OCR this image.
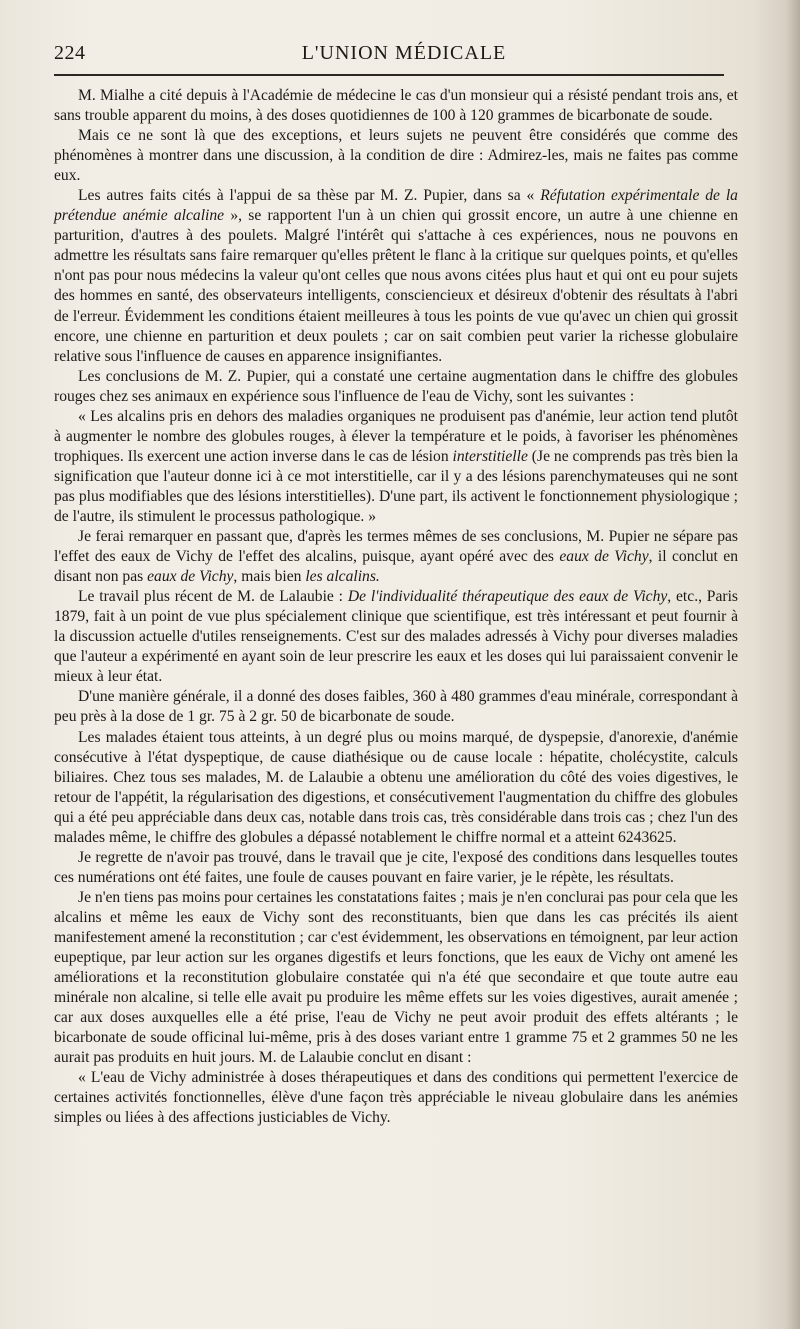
224	L'UNION MÉDICALE

M. Mialhe a cité depuis à l'Académie de médecine le cas d'un monsieur qui a résisté pendant trois ans, et sans trouble apparent du moins, à des doses quotidiennes de 100 à 120 grammes de bicarbonate de soude.

Mais ce ne sont là que des exceptions, et leurs sujets ne peuvent être considérés que comme des phénomènes à montrer dans une discussion, à la condition de dire : Admirez-les, mais ne faites pas comme eux.

Les autres faits cités à l'appui de sa thèse par M. Z. Pupier, dans sa « Réfutation expérimentale de la prétendue anémie alcaline », se rapportent l'un à un chien qui grossit encore, un autre à une chienne en parturition, d'autres à des poulets. Malgré l'intérêt qui s'attache à ces expériences, nous ne pouvons en admettre les résultats sans faire remarquer qu'elles prêtent le flanc à la critique sur quelques points, et qu'elles n'ont pas pour nous médecins la valeur qu'ont celles que nous avons citées plus haut et qui ont eu pour sujets des hommes en santé, des observateurs intelligents, consciencieux et désireux d'obtenir des résultats à l'abri de l'erreur. Évidemment les conditions étaient meilleures à tous les points de vue qu'avec un chien qui grossit encore, une chienne en parturition et deux poulets ; car on sait combien peut varier la richesse globulaire relative sous l'influence de causes en apparence insignifiantes.

Les conclusions de M. Z. Pupier, qui a constaté une certaine augmentation dans le chiffre des globules rouges chez ses animaux en expérience sous l'influence de l'eau de Vichy, sont les suivantes :

« Les alcalins pris en dehors des maladies organiques ne produisent pas d'anémie, leur action tend plutôt à augmenter le nombre des globules rouges, à élever la température et le poids, à favoriser les phénomènes trophiques. Ils exercent une action inverse dans le cas de lésion interstitielle (Je ne comprends pas très bien la signification que l'auteur donne ici à ce mot interstitielle, car il y a des lésions parenchymateuses qui ne sont pas plus modifiables que des lésions interstitielles). D'une part, ils activent le fonctionnement physiologique ; de l'autre, ils stimulent le processus pathologique. »

Je ferai remarquer en passant que, d'après les termes mêmes de ses conclusions, M. Pupier ne sépare pas l'effet des eaux de Vichy de l'effet des alcalins, puisque, ayant opéré avec des eaux de Vichy, il conclut en disant non pas eaux de Vichy, mais bien les alcalins.

Le travail plus récent de M. de Lalaubie : De l'individualité thérapeutique des eaux de Vichy, etc., Paris 1879, fait à un point de vue plus spécialement clinique que scientifique, est très intéressant et peut fournir à la discussion actuelle d'utiles renseignements. C'est sur des malades adressés à Vichy pour diverses maladies que l'auteur a expérimenté en ayant soin de leur prescrire les eaux et les doses qui lui paraissaient convenir le mieux à leur état.

D'une manière générale, il a donné des doses faibles, 360 à 480 grammes d'eau minérale, correspondant à peu près à la dose de 1 gr. 75 à 2 gr. 50 de bicarbonate de soude.

Les malades étaient tous atteints, à un degré plus ou moins marqué, de dyspepsie, d'anorexie, d'anémie consécutive à l'état dyspeptique, de cause diathésique ou de cause locale : hépatite, cholécystite, calculs biliaires. Chez tous ses malades, M. de Lalaubie a obtenu une amélioration du côté des voies digestives, le retour de l'appétit, la régularisation des digestions, et consécutivement l'augmentation du chiffre des globules qui a été peu appréciable dans deux cas, notable dans trois cas, très considérable dans trois cas ; chez l'un des malades même, le chiffre des globules a dépassé notablement le chiffre normal et a atteint 6243625.

Je regrette de n'avoir pas trouvé, dans le travail que je cite, l'exposé des conditions dans lesquelles toutes ces numérations ont été faites, une foule de causes pouvant en faire varier, je le répète, les résultats.

Je n'en tiens pas moins pour certaines les constatations faites ; mais je n'en conclurai pas pour cela que les alcalins et même les eaux de Vichy sont des reconstituants, bien que dans les cas précités ils aient manifestement amené la reconstitution ; car c'est évidemment, les observations en témoignent, par leur action eupeptique, par leur action sur les organes digestifs et leurs fonctions, que les eaux de Vichy ont amené les améliorations et la reconstitution globulaire constatée qui n'a été que secondaire et que toute autre eau minérale non alcaline, si telle elle avait pu produire les même effets sur les voies digestives, aurait amenée ; car aux doses auxquelles elle a été prise, l'eau de Vichy ne peut avoir produit des effets altérants ; le bicarbonate de soude officinal lui-même, pris à des doses variant entre 1 gramme 75 et 2 grammes 50 ne les aurait pas produits en huit jours. M. de Lalaubie conclut en disant :

« L'eau de Vichy administrée à doses thérapeutiques et dans des conditions qui permettent l'exercice de certaines activités fonctionnelles, élève d'une façon très appréciable le niveau globulaire dans les anémies simples ou liées à des affections justiciables de Vichy.
